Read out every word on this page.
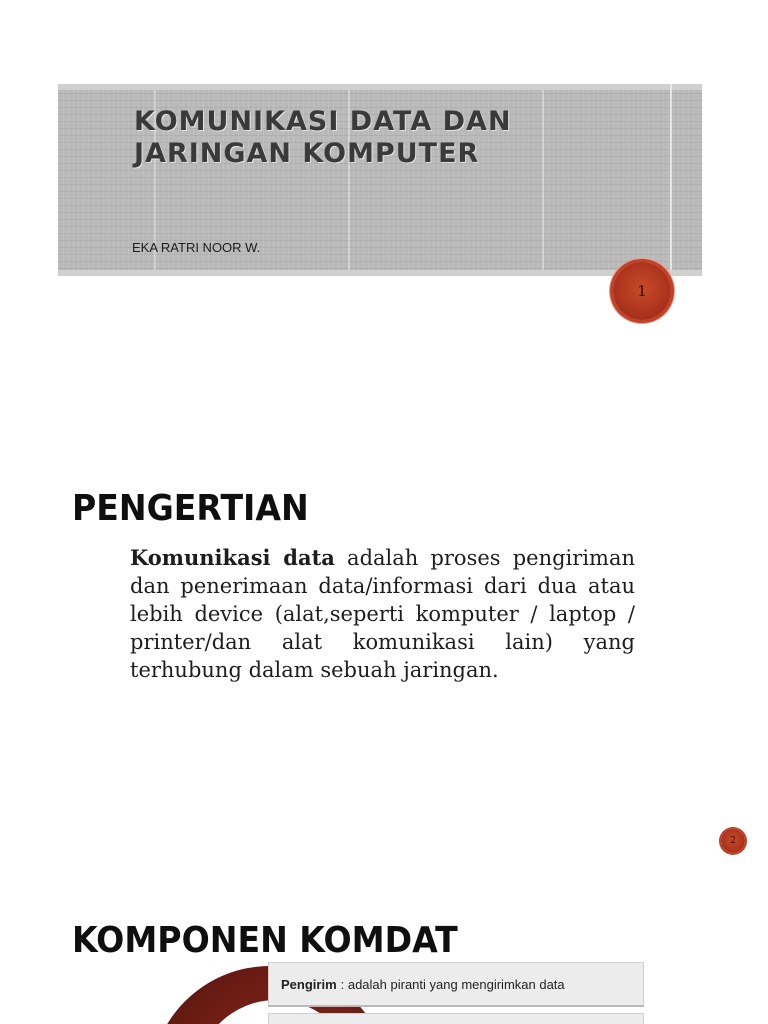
KOMUNIKASI DATA DAN JARINGAN KOMPUTER

EKA RATRI NOOR W.

1
PENGERTIAN

Komunikasi data adalah proses pengiriman dan penerimaan data/informasi dari dua atau lebih device (alat,seperti komputer / laptop / printer/dan alat komunikasi lain) yang terhubung dalam sebuah jaringan.

2
KOMPONEN KOMDAT
Pengirim : adalah piranti yang mengirimkan data
